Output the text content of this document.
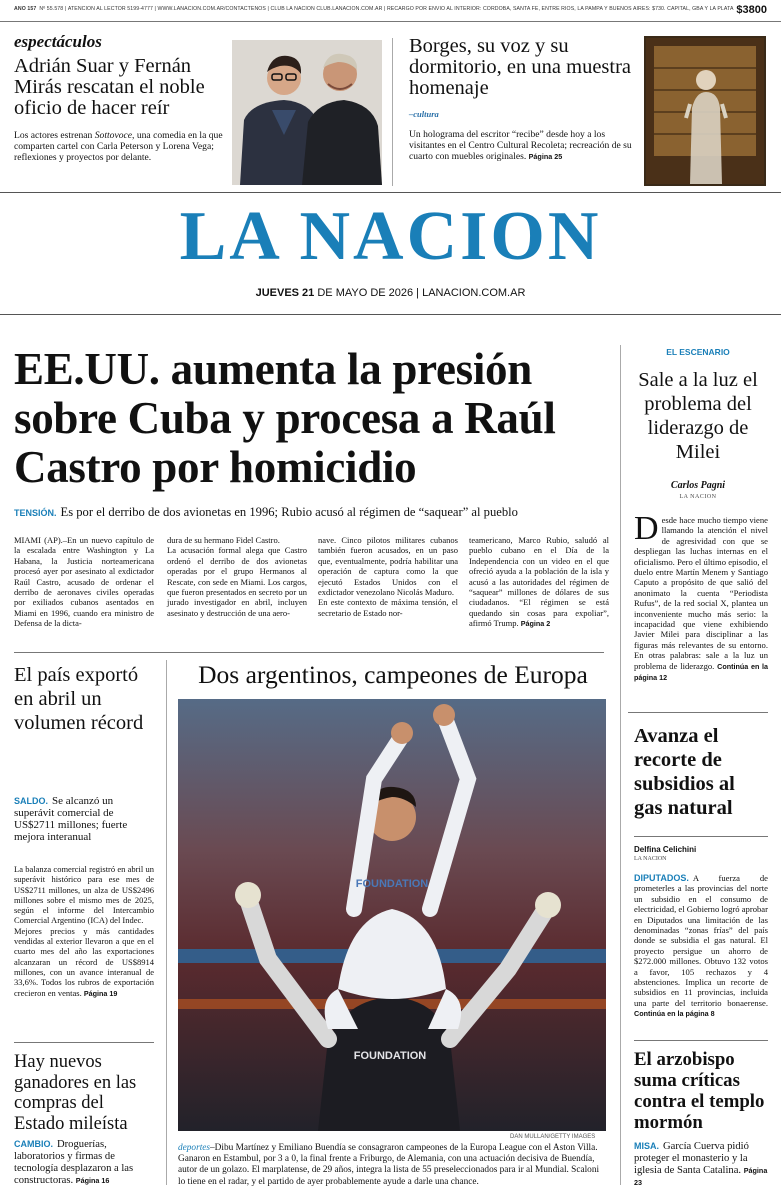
AÑO 157 Nº 55.578 | ATENCIÓN AL LECTOR 5199-4777 | WWW.LANACION.COM.AR/CONTACTENOS | CLUB LA NACION CLUB.LANACION.COM.AR | RECARGO POR ENVÍO AL INTERIOR: CÓRDOBA, SANTA FE, ENTRE RÍOS, LA PAMPA Y BUENOS AIRES: $730. CAPITAL, GBA Y LA PLATA $3800
espectáculos
Adrián Suar y Fernán Mirás rescatan el noble oficio de hacer reír
Los actores estrenan Sottovoce, una comedia en la que comparten cartel con Carla Peterson y Lorena Vega; reflexiones y proyectos por delante.
Borges, su voz y su dormitorio, en una muestra homenaje
–cultura
Un holograma del escritor “recibe” desde hoy a los visitantes en el Centro Cultural Recoleta; recreación de su cuarto con muebles originales. Página 25
LA NACION
JUEVES 21 DE MAYO DE 2026 | LANACION.COM.AR
EE.UU. aumenta la presión sobre Cuba y procesa a Raúl Castro por homicidio
TENSIÓN. Es por el derribo de dos avionetas en 1996; Rubio acusó al régimen de “saquear” al pueblo
MIAMI (AP).–En un nuevo capítulo de la escalada entre Washington y La Habana, la Justicia norteamericana procesó ayer por asesinato al exdictador Raúl Castro, acusado de ordenar el derribo de aeronaves civiles operadas por exiliados cubanos asentados en Miami en 1996, cuando era ministro de Defensa de la dicta-
dura de su hermano Fidel Castro.
La acusación formal alega que Castro ordenó el derribo de dos avionetas operadas por el grupo Hermanos al Rescate, con sede en Miami. Los cargos, que fueron presentados en secreto por un jurado investigador en abril, incluyen asesinato y destrucción de una aero-
nave. Cinco pilotos militares cubanos también fueron acusados, en un paso que, eventualmente, podría habilitar una operación de captura como la que ejecutó Estados Unidos con el exdictador venezolano Nicolás Maduro.
En este contexto de máxima tensión, el secretario de Estado nor-
teamericano, Marco Rubio, saludó al pueblo cubano en el Día de la Independencia con un video en el que ofreció ayuda a la población de la isla y acusó a las autoridades del régimen de “saquear” millones de dólares de sus ciudadanos. “El régimen se está quedando sin cosas para expoliar”, afirmó Trump. Página 2
EL ESCENARIO
Sale a la luz el problema del liderazgo de Milei
Carlos Pagni
LA NACION
Desde hace mucho tiempo viene llamando la atención el nivel de agresividad con que se despliegan las luchas internas en el oficialismo. Pero el último episodio, el duelo entre Martín Menem y Santiago Caputo a propósito de que salió del anonimato la cuenta “Periodista Rufus”, de la red social X, plantea un inconveniente mucho más serio: la incapacidad que viene exhibiendo Javier Milei para disciplinar a las figuras más relevantes de su entorno. En otras palabras: sale a la luz un problema de liderazgo. Continúa en la página 12
El país exportó en abril un volumen récord
SALDO. Se alcanzó un superávit comercial de US$2711 millones; fuerte mejora interanual
La balanza comercial registró en abril un superávit histórico para ese mes de US$2711 millones, un alza de US$2496 millones sobre el mismo mes de 2025, según el informe del Intercambio Comercial Argentino (ICA) del Indec.
Mejores precios y más cantidades vendidas al exterior llevaron a que en el cuarto mes del año las exportaciones alcanzaran un récord de US$8914 millones, con un avance interanual de 33,6%. Todos los rubros de exportación crecieron en ventas. Página 19
Hay nuevos ganadores en las compras del Estado mileísta
CAMBIO. Droguerías, laboratorios y firmas de tecnología desplazaron a las constructoras. Página 16
Dos argentinos, campeones de Europa
FOUNDATION
FOUNDATION
DAN MULLAN/GETTY IMAGES
deportes–Dibu Martínez y Emiliano Buendía se consagraron campeones de la Europa League con el Aston Villa. Ganaron en Estambul, por 3 a 0, la final frente a Friburgo, de Alemania, con una actuación decisiva de Buendía, autor de un golazo. El marplatense, de 29 años, integra la lista de 55 preseleccionados para ir al Mundial. Scaloni lo tiene en el radar, y el partido de ayer probablemente ayude a darle una chance.
Avanza el recorte de subsidios al gas natural
Delfina Celichini
LA NACION
DIPUTADOS. A fuerza de prometerles a las provincias del norte un subsidio en el consumo de electricidad, el Gobierno logró aprobar en Diputados una limitación de las denominadas “zonas frías” del país donde se subsidia el gas natural. El proyecto persigue un ahorro de $272.000 millones. Obtuvo 132 votos a favor, 105 rechazos y 4 abstenciones. Implica un recorte de subsidios en 11 provincias, incluida una parte del territorio bonaerense. Continúa en la página 8
El arzobispo suma críticas contra el templo mormón
MISA. García Cuerva pidió proteger el monasterio y la iglesia de Santa Catalina. Página 23
